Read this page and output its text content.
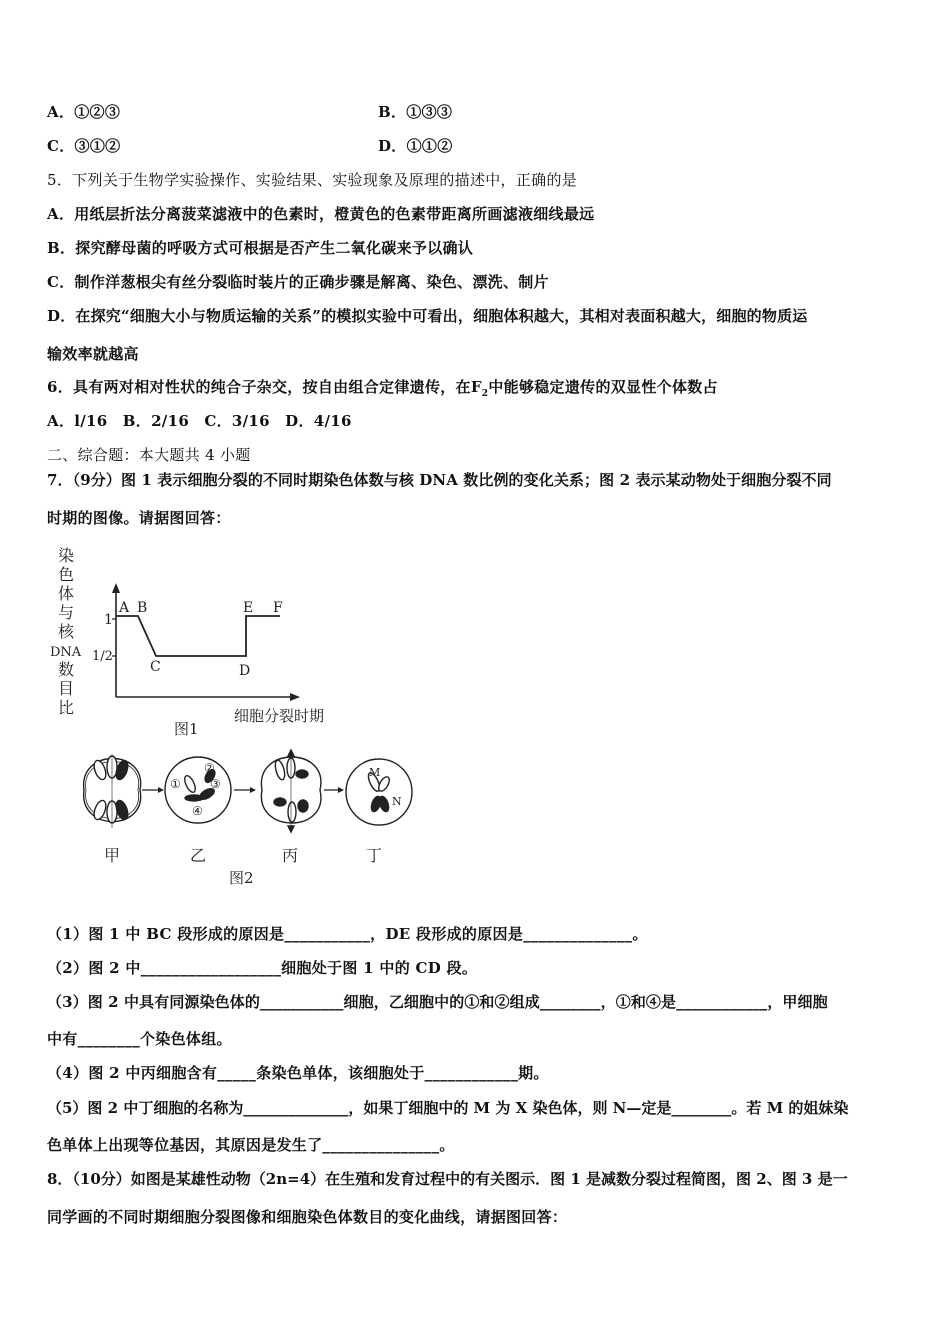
A．①②③	B．①③③
C．③①②	D．①①②
5．下列关于生物学实验操作、实验结果、实验现象及原理的描述中，正确的是
A．用纸层折法分离菠菜滤液中的色素时，橙黄色的色素带距离所画滤液细线最远
B．探究酵母菌的呼吸方式可根据是否产生二氧化碳来予以确认
C．制作洋葱根尖有丝分裂临时装片的正确步骤是解离、染色、漂洗、制片
D．在探究“细胞大小与物质运输的关系”的模拟实验中可看出，细胞体积越大，其相对表面积越大，细胞的物质运
输效率就越高
6．具有两对相对性状的纯合子杂交，按自由组合定律遗传，在$F_2$中能够稳定遗传的双显性个体数占
A．l/16　B．2/16　C．3/16　D．4/16
二、综合题：本大题共 4 小题
7．（9分）图 1 表示细胞分裂的不同时期染色体数与核 DNA 数比例的变化关系；图 2 表示某动物处于细胞分裂不同
时期的图像。请据图回答：
染
色
体
与
核
DNA
数
目
比
1
1/2
A B
C	D
E F
细胞分裂时期
图1
①
②
③
④
M
N
甲	乙	丙	丁
图2
（1）图 1 中 BC 段形成的原因是___________，DE 段形成的原因是______________。
（2）图 2 中__________________细胞处于图 1 中的 CD 段。
（3）图 2 中具有同源染色体的___________细胞，乙细胞中的①和②组成________，①和④是____________，甲细胞
中有________个染色体组。
（4）图 2 中丙细胞含有_____条染色单体，该细胞处于____________期。
（5）图 2 中丁细胞的名称为______________，如果丁细胞中的 M 为 X 染色体，则 N—定是________。若 M 的姐妹染
色单体上出现等位基因，其原因是发生了_______________。
8．（10分）如图是某雄性动物（2n=4）在生殖和发育过程中的有关图示．图 1 是减数分裂过程简图，图 2、图 3 是一
同学画的不同时期细胞分裂图像和细胞染色体数目的变化曲线，请据图回答：
